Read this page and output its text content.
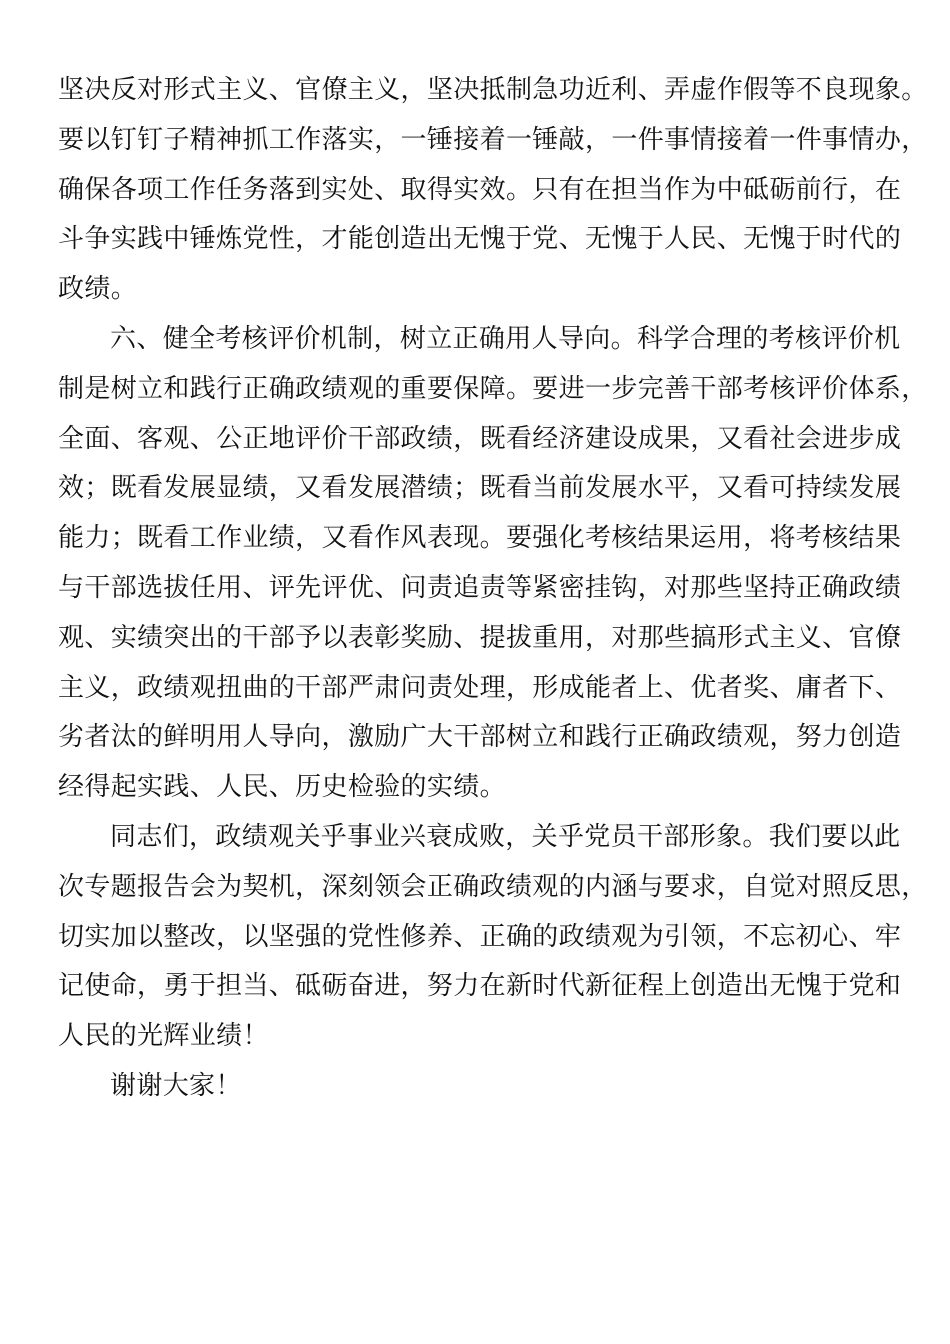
坚决反对形式主义、官僚主义，坚决抵制急功近利、弄虚作假等不良现象。
要以钉钉子精神抓工作落实，一锤接着一锤敲，一件事情接着一件事情办，
确保各项工作任务落到实处、取得实效。只有在担当作为中砥砺前行，在
斗争实践中锤炼党性，才能创造出无愧于党、无愧于人民、无愧于时代的
政绩。
六、健全考核评价机制，树立正确用人导向。科学合理的考核评价机
制是树立和践行正确政绩观的重要保障。要进一步完善干部考核评价体系，
全面、客观、公正地评价干部政绩，既看经济建设成果，又看社会进步成
效；既看发展显绩，又看发展潜绩；既看当前发展水平，又看可持续发展
能力；既看工作业绩，又看作风表现。要强化考核结果运用，将考核结果
与干部选拔任用、评先评优、问责追责等紧密挂钩，对那些坚持正确政绩
观、实绩突出的干部予以表彰奖励、提拔重用，对那些搞形式主义、官僚
主义，政绩观扭曲的干部严肃问责处理，形成能者上、优者奖、庸者下、
劣者汰的鲜明用人导向，激励广大干部树立和践行正确政绩观，努力创造
经得起实践、人民、历史检验的实绩。
同志们，政绩观关乎事业兴衰成败，关乎党员干部形象。我们要以此
次专题报告会为契机，深刻领会正确政绩观的内涵与要求，自觉对照反思，
切实加以整改，以坚强的党性修养、正确的政绩观为引领，不忘初心、牢
记使命，勇于担当、砥砺奋进，努力在新时代新征程上创造出无愧于党和
人民的光辉业绩！
谢谢大家！
